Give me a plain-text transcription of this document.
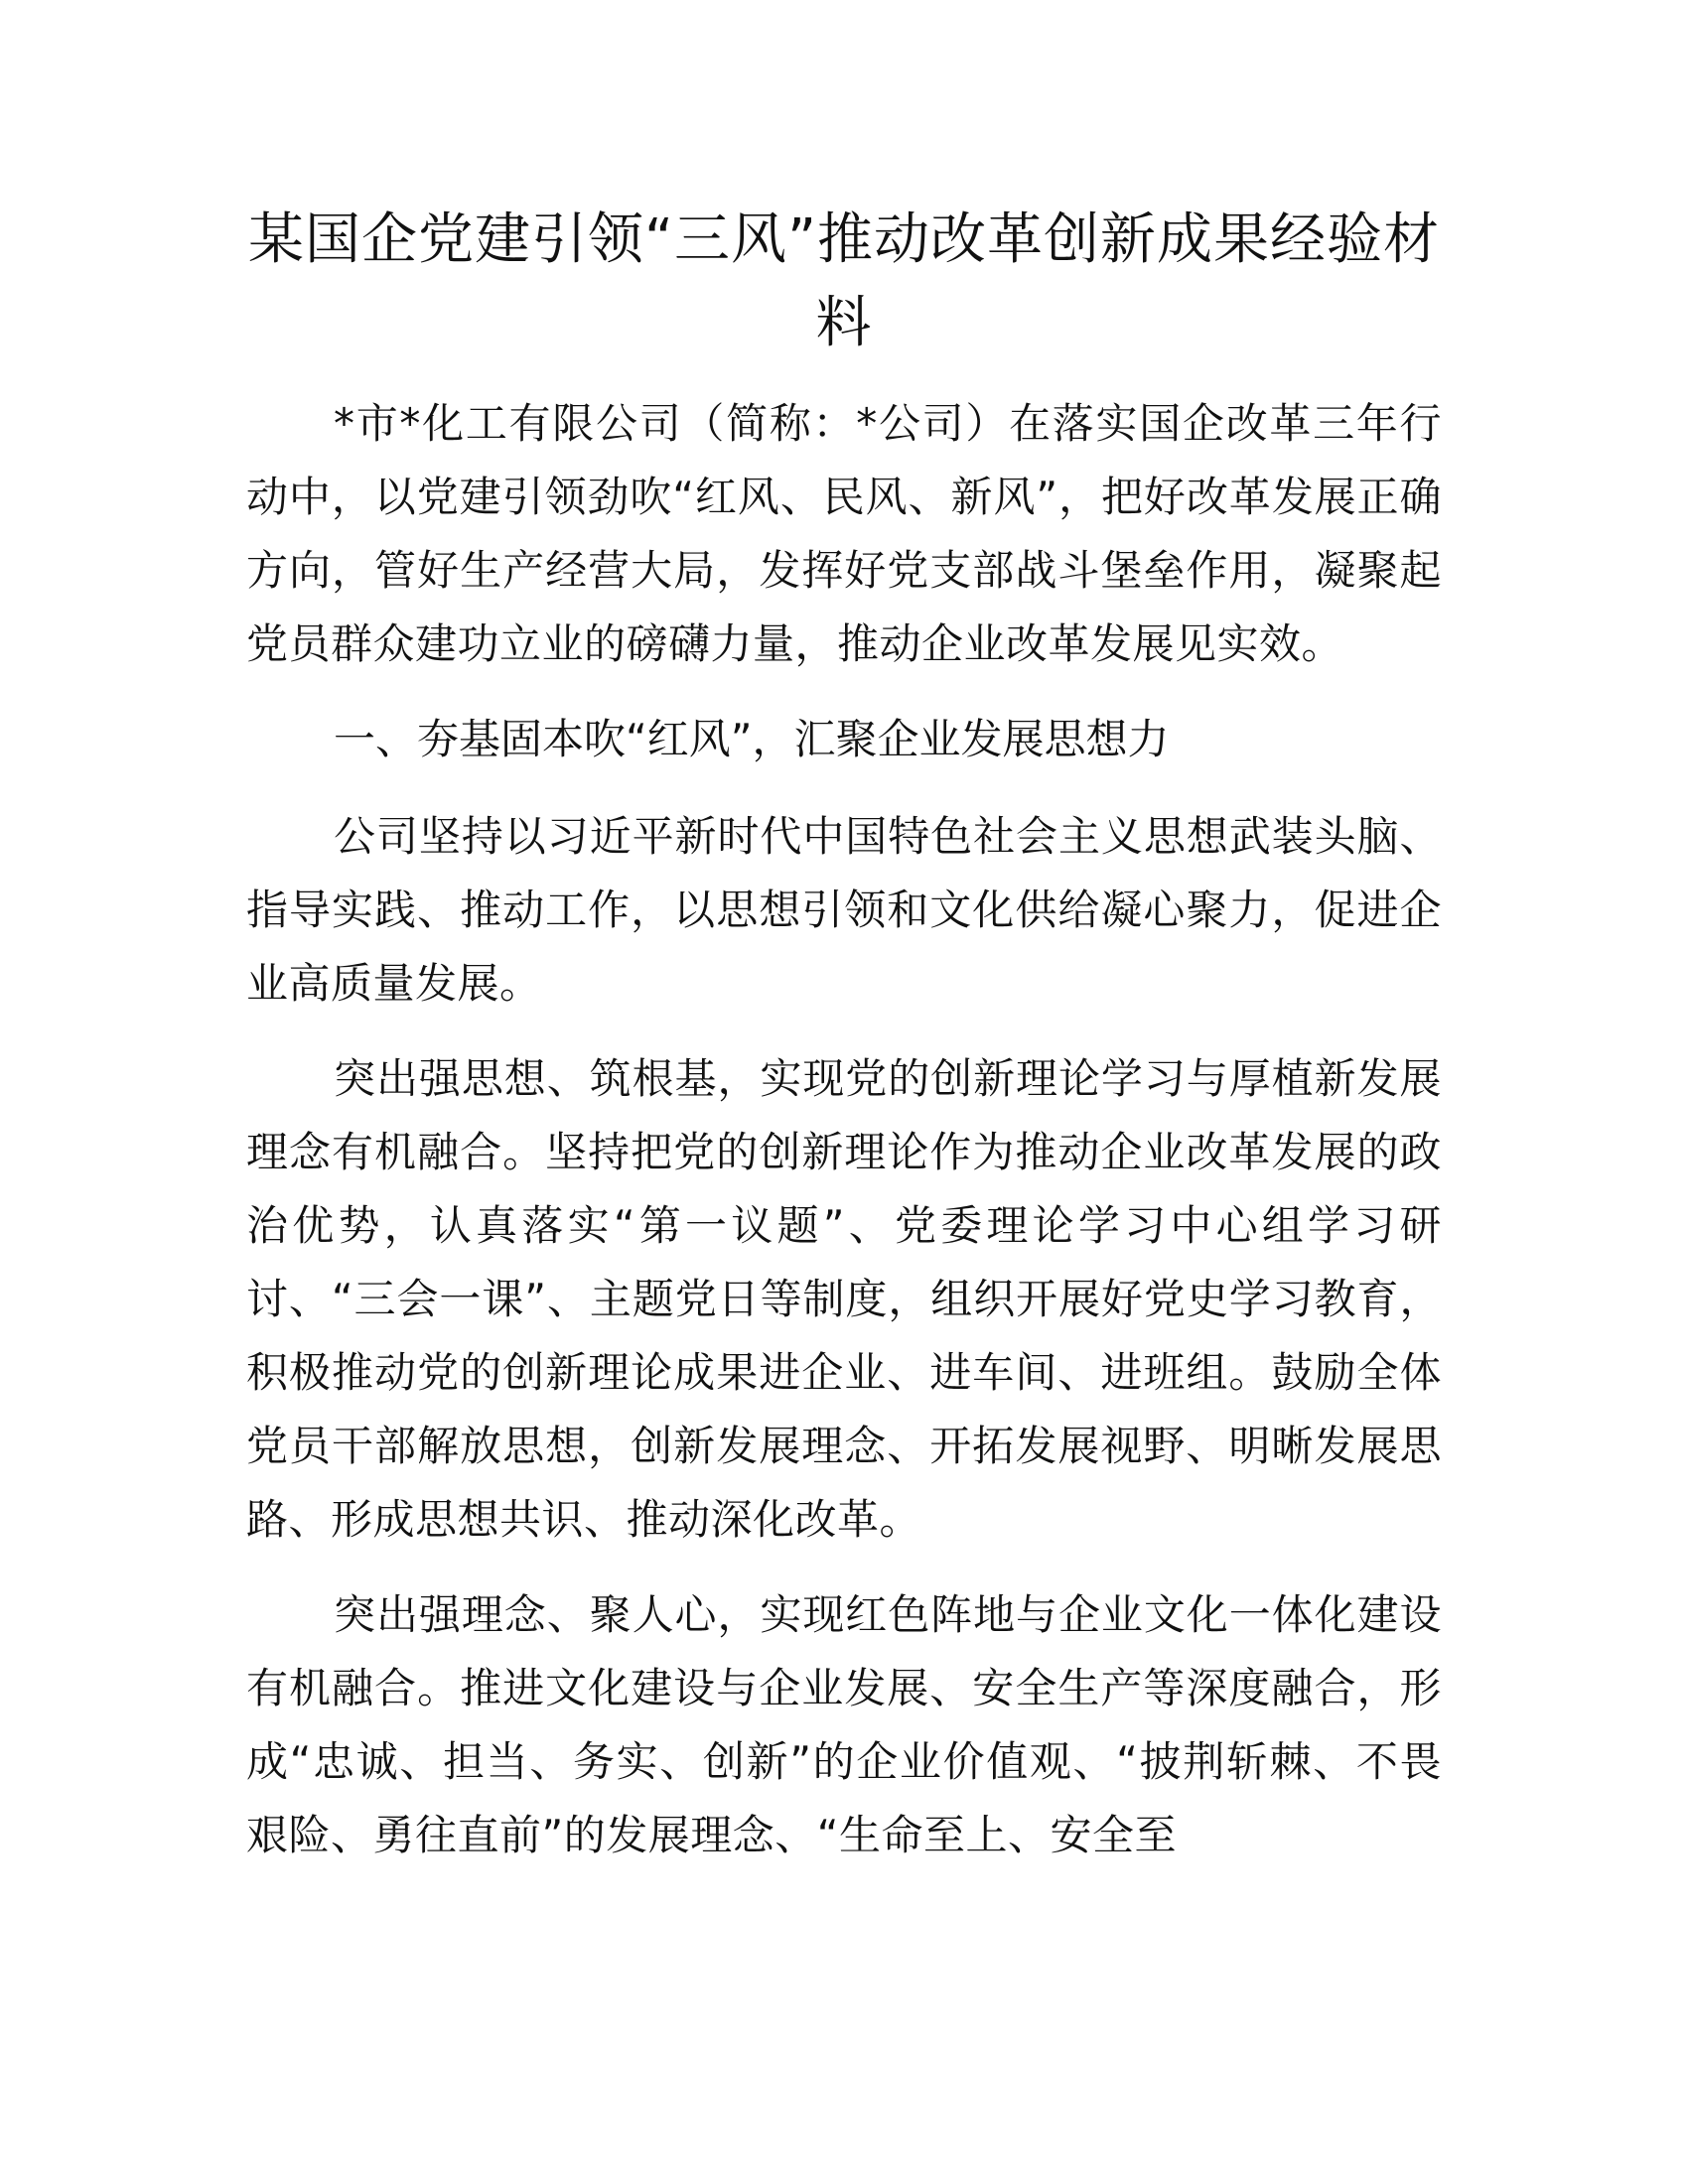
某国企党建引领“三风”推动改革创新成果经验材料

*市*化工有限公司（简称：*公司）在落实国企改革三年行动中，以党建引领劲吹“红风、民风、新风”，把好改革发展正确方向，管好生产经营大局，发挥好党支部战斗堡垒作用，凝聚起党员群众建功立业的磅礴力量，推动企业改革发展见实效。

一、夯基固本吹“红风”，汇聚企业发展思想力

公司坚持以习近平新时代中国特色社会主义思想武装头脑、指导实践、推动工作，以思想引领和文化供给凝心聚力，促进企业高质量发展。

突出强思想、筑根基，实现党的创新理论学习与厚植新发展理念有机融合。坚持把党的创新理论作为推动企业改革发展的政治优势，认真落实“第一议题”、党委理论学习中心组学习研讨、“三会一课”、主题党日等制度，组织开展好党史学习教育，积极推动党的创新理论成果进企业、进车间、进班组。鼓励全体党员干部解放思想，创新发展理念、开拓发展视野、明晰发展思路、形成思想共识、推动深化改革。

突出强理念、聚人心，实现红色阵地与企业文化一体化建设有机融合。推进文化建设与企业发展、安全生产等深度融合，形成“忠诚、担当、务实、创新”的企业价值观、“披荆斩棘、不畏艰险、勇往直前”的发展理念、“生命至上、安全至
